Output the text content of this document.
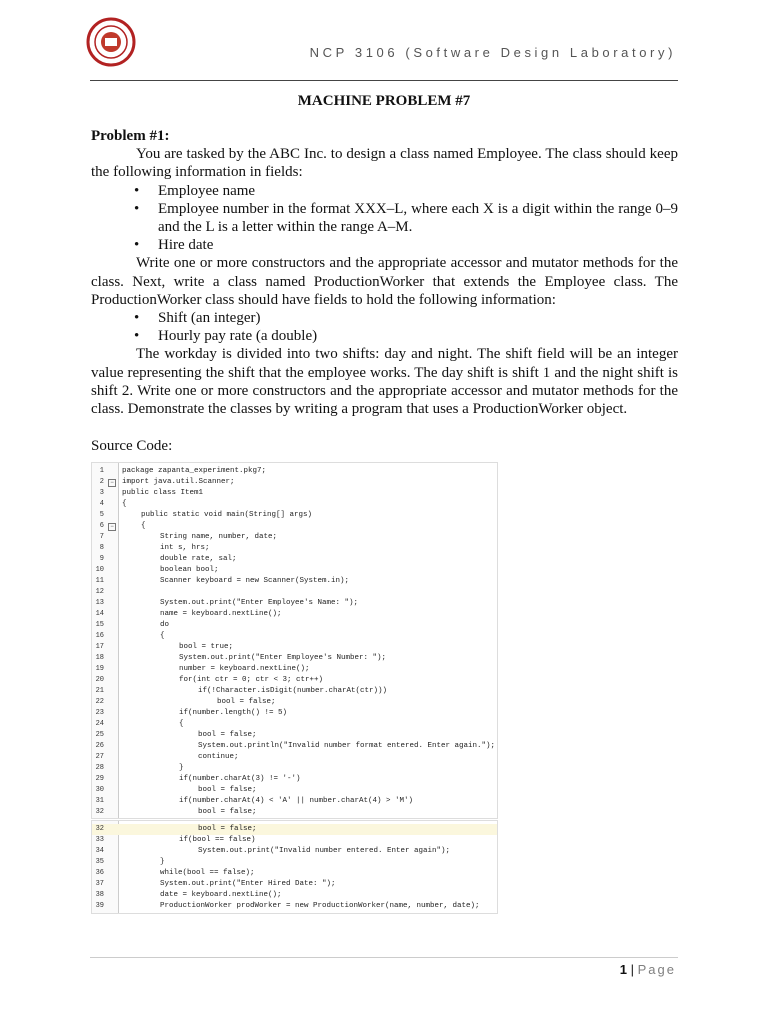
NCP 3106 (Software Design Laboratory)
MACHINE PROBLEM #7

Problem #1:

You are tasked by the ABC Inc. to design a class named Employee. The class should keep the following information in fields:

• Employee name
• Employee number in the format XXX–L, where each X is a digit within the range 0–9 and the L is a letter within the range A–M.
• Hire date

Write one or more constructors and the appropriate accessor and mutator methods for the class. Next, write a class named ProductionWorker that extends the Employee class. The ProductionWorker class should have fields to hold the following information:

• Shift (an integer)
• Hourly pay rate (a double)

The workday is divided into two shifts: day and night. The shift field will be an integer value representing the shift that the employee works. The day shift is shift 1 and the night shift is shift 2. Write one or more constructors and the appropriate accessor and mutator methods for the class. Demonstrate the classes by writing a program that uses a ProductionWorker object.

Source Code:
1 package zapanta_experiment.pkg7;
2	− import java.util.Scanner;
3 public class Item1
4 {
5	public static void main(String[] args)
6	−	{
7	String name, number, date;
8	int s, hrs;
9	double rate, sal;
10	boolean bool;
11	Scanner keyboard = new Scanner(System.in);
12
13	System.out.print("Enter Employee's Name: ");
14	name = keyboard.nextLine();
15	do
16	{
17	bool = true;
18	System.out.print("Enter Employee's Number: ");
19	number = keyboard.nextLine();
20	for(int ctr = 0; ctr < 3; ctr++)
21	if(!Character.isDigit(number.charAt(ctr)))
22	bool = false;
23	if(number.length() != 5)
24	{
25	bool = false;
26	System.out.println("Invalid number format entered. Enter again.");
27	continue;
28	}
29	if(number.charAt(3) != '-')
30	bool = false;
31	if(number.charAt(4) < 'A' || number.charAt(4) > 'M')
32	bool = false;
32	bool = false;
33	if(bool == false)
34	System.out.print("Invalid number entered. Enter again");
35	}
36	while(bool == false);
37	System.out.print("Enter Hired Date: ");
38	date = keyboard.nextLine();
39	ProductionWorker prodWorker = new ProductionWorker(name, number, date);
1 | Page
